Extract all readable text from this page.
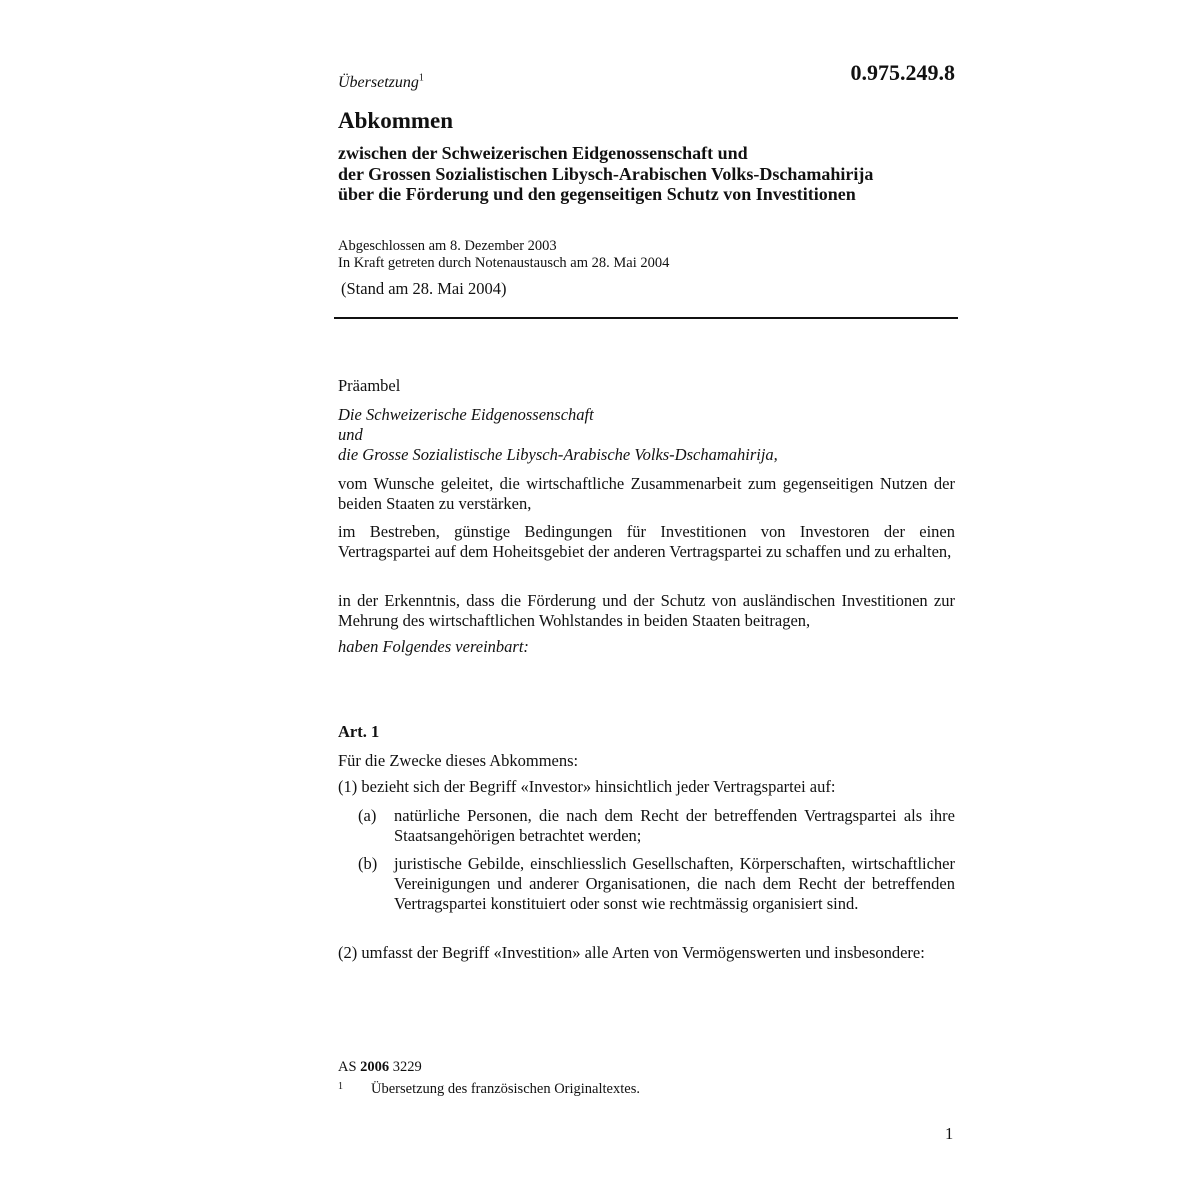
Übersetzung$^1$	0.975.249.8
Abkommen
zwischen der Schweizerischen Eidgenossenschaft und
der Grossen Sozialistischen Libysch-Arabischen Volks-Dschamahirija
über die Förderung und den gegenseitigen Schutz von Investitionen
Abgeschlossen am 8. Dezember 2003
In Kraft getreten durch Notenaustausch am 28. Mai 2004
(Stand am 28. Mai 2004)
Präambel
Die Schweizerische Eidgenossenschaft
und
die Grosse Sozialistische Libysch-Arabische Volks-Dschamahirija,
vom Wunsche geleitet, die wirtschaftliche Zusammenarbeit zum gegenseitigen Nutzen der beiden Staaten zu verstärken,
im Bestreben, günstige Bedingungen für Investitionen von Investoren der einen Vertragspartei auf dem Hoheitsgebiet der anderen Vertragspartei zu schaffen und zu erhalten,
in der Erkenntnis, dass die Förderung und der Schutz von ausländischen Investitionen zur Mehrung des wirtschaftlichen Wohlstandes in beiden Staaten beitragen,
haben Folgendes vereinbart:
Art. 1
Für die Zwecke dieses Abkommens:
(1) bezieht sich der Begriff «Investor» hinsichtlich jeder Vertragspartei auf:
(a) natürliche Personen, die nach dem Recht der betreffenden Vertragspartei als ihre Staatsangehörigen betrachtet werden;
(b) juristische Gebilde, einschliesslich Gesellschaften, Körperschaften, wirtschaftlicher Vereinigungen und anderer Organisationen, die nach dem Recht der betreffenden Vertragspartei konstituiert oder sonst wie rechtmässig organisiert sind.
(2) umfasst der Begriff «Investition» alle Arten von Vermögenswerten und insbesondere:
AS 2006 3229
1 Übersetzung des französischen Originaltextes.
1
